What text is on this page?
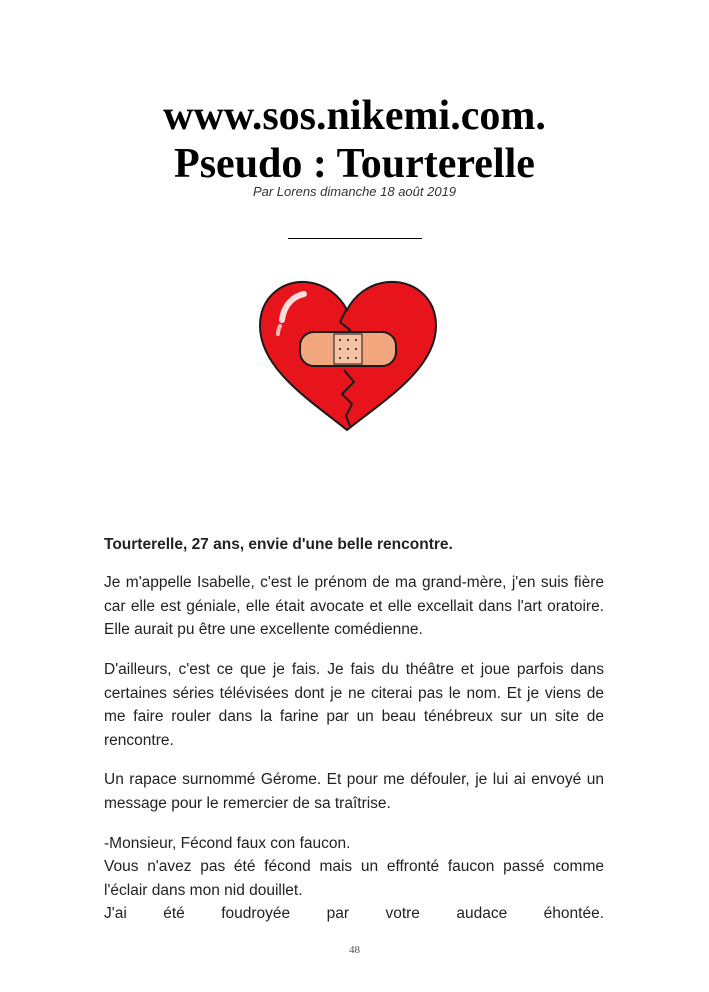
www.sos.nikemi.com.
Pseudo : Tourterelle
Par Lorens dimanche 18 août 2019

Tourterelle, 27 ans, envie d'une belle rencontre.

Je m'appelle Isabelle, c'est le prénom de ma grand-mère, j'en suis fière car elle est géniale, elle était avocate et elle excellait dans l'art oratoire. Elle aurait pu être une excellente comédienne.

D'ailleurs, c'est ce que je fais. Je fais du théâtre et joue parfois dans certaines séries télévisées dont je ne citerai pas le nom. Et je viens de me faire rouler dans la farine par un beau ténébreux sur un site de rencontre.

Un rapace surnommé Gérome. Et pour me défouler, je lui ai envoyé un message pour le remercier de sa traîtrise.

-Monsieur, Fécond faux con faucon.

Vous n'avez pas été fécond mais un effronté faucon passé comme l'éclair dans mon nid douillet.

J'ai été foudroyée par votre audace éhontée.

48
